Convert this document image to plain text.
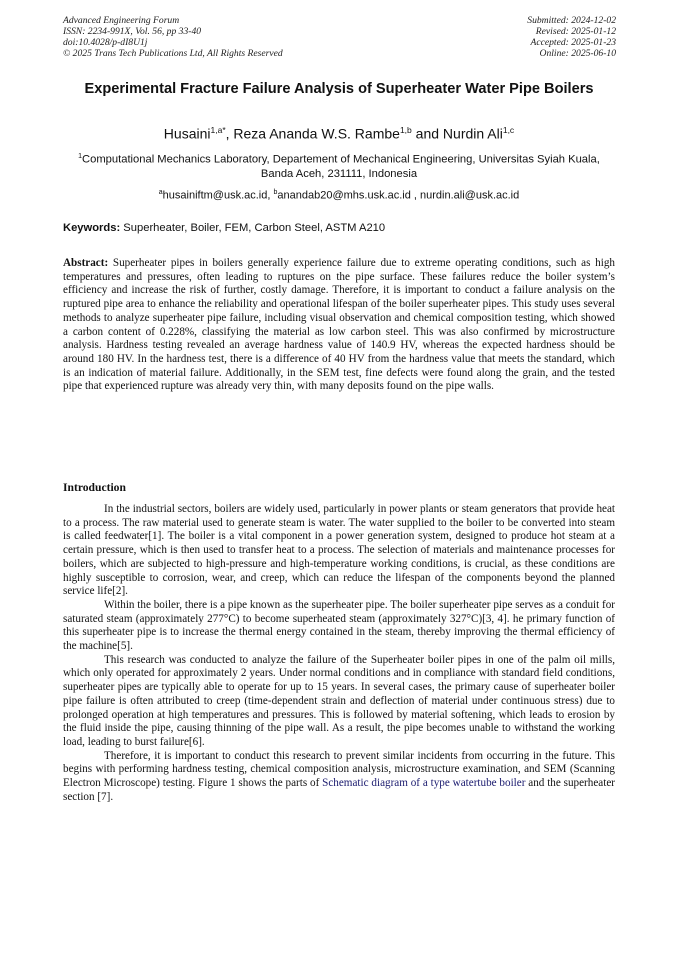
Advanced Engineering Forum
ISSN: 2234-991X, Vol. 56, pp 33-40
doi:10.4028/p-dI8U1j
© 2025 Trans Tech Publications Ltd, All Rights Reserved
Submitted: 2024-12-02
Revised: 2025-01-12
Accepted: 2025-01-23
Online: 2025-06-10
Experimental Fracture Failure Analysis of Superheater Water Pipe Boilers
Husaini$^{1,a*}$, Reza Ananda W.S. Rambe$^{1,b}$ and Nurdin Ali$^{1,c}$
$^1$Computational Mechanics Laboratory, Departement of Mechanical Engineering, Universitas Syiah Kuala, Banda Aceh, 231111, Indonesia
$^a$husainiftm@usk.ac.id, $^b$anandab20@mhs.usk.ac.id , nurdin.ali@usk.ac.id
Keywords: Superheater, Boiler, FEM, Carbon Steel, ASTM A210
Abstract: Superheater pipes in boilers generally experience failure due to extreme operating conditions, such as high temperatures and pressures, often leading to ruptures on the pipe surface. These failures reduce the boiler system’s efficiency and increase the risk of further, costly damage. Therefore, it is important to conduct a failure analysis on the ruptured pipe area to enhance the reliability and operational lifespan of the boiler superheater pipes. This study uses several methods to analyze superheater pipe failure, including visual observation and chemical composition testing, which showed a carbon content of 0.228%, classifying the material as low carbon steel. This was also confirmed by microstructure analysis. Hardness testing revealed an average hardness value of 140.9 HV, whereas the expected hardness should be around 180 HV. In the hardness test, there is a difference of 40 HV from the hardness value that meets the standard, which is an indication of material failure. Additionally, in the SEM test, fine defects were found along the grain, and the tested pipe that experienced rupture was already very thin, with many deposits found on the pipe walls.
Introduction

In the industrial sectors, boilers are widely used, particularly in power plants or steam generators that provide heat to a process. The raw material used to generate steam is water. The water supplied to the boiler to be converted into steam is called feedwater[1]. The boiler is a vital component in a power generation system, designed to produce hot steam at a certain pressure, which is then used to transfer heat to a process. The selection of materials and maintenance processes for boilers, which are subjected to high-pressure and high-temperature working conditions, is crucial, as these conditions are highly susceptible to corrosion, wear, and creep, which can reduce the lifespan of the components beyond the planned service life[2].

Within the boiler, there is a pipe known as the superheater pipe. The boiler superheater pipe serves as a conduit for saturated steam (approximately 277°C) to become superheated steam (approximately 327°C)[3, 4]. he primary function of this superheater pipe is to increase the thermal energy contained in the steam, thereby improving the thermal efficiency of the machine[5].

This research was conducted to analyze the failure of the Superheater boiler pipes in one of the palm oil mills, which only operated for approximately 2 years. Under normal conditions and in compliance with standard field conditions, superheater pipes are typically able to operate for up to 15 years. In several cases, the primary cause of superheater boiler pipe failure is often attributed to creep (time-dependent strain and deflection of material under continuous stress) due to prolonged operation at high temperatures and pressures. This is followed by material softening, which leads to erosion by the fluid inside the pipe, causing thinning of the pipe wall. As a result, the pipe becomes unable to withstand the working load, leading to burst failure[6].

Therefore, it is important to conduct this research to prevent similar incidents from occurring in the future. This begins with performing hardness testing, chemical composition analysis, microstructure examination, and SEM (Scanning Electron Microscope) testing. Figure 1 shows the parts of Schematic diagram of a type watertube boiler and the superheater section [7].
